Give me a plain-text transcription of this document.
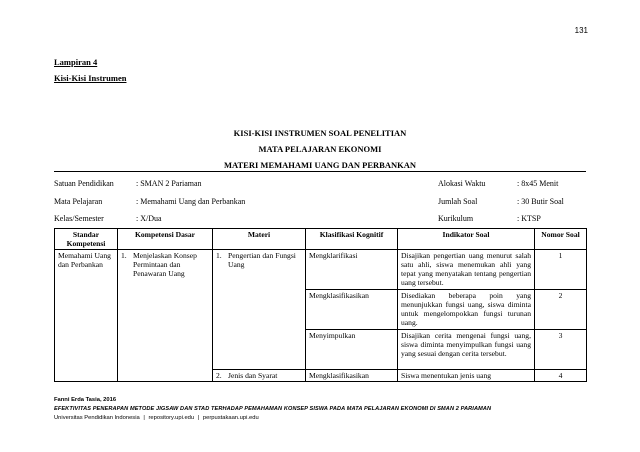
131
Lampiran 4
Kisi-Kisi Instrumen
KISI-KISI INSTRUMEN SOAL PENELITIAN
MATA PELAJARAN EKONOMI
MATERI MEMAHAMI UANG DAN PERBANKAN
Satuan Pendidikan	: SMAN 2 Pariaman
Mata Pelajaran	: Memahami Uang dan Perbankan
Kelas/Semester	: X/Dua
Alokasi Waktu	: 8x45 Menit
Jumlah Soal	: 30 Butir Soal
Kurikulum	: KTSP
Standar Kompetensi	Kompetensi Dasar	Materi	Klasifikasi Kognitif	Indikator Soal	Nomor Soal
Memahami Uang dan Perbankan	1. Menjelaskan Konsep Permintaan dan Penawaran Uang	1. Pengertian dan Fungsi Uang	Mengklarifikasi	Disajikan pengertian uang menurut salah satu ahli, siswa menemukan ahli yang tepat yang menyatakan tentang pengertian uang tersebut.	1
			Mengklasifikasikan	Disediakan beberapa poin yang menunjukkan fungsi uang, siswa diminta untuk mengelompokkan fungsi turunan uang.	2
			Menyimpulkan	Disajikan cerita mengenai fungsi uang, siswa diminta menyimpulkan fungsi uang yang sesuai dengan cerita tersebut.	3

		2. Jenis dan Syarat	Mengklasifikasikan	Siswa menentukan jenis uang	4
Fanni Erda Tasia, 2016
EFEKTIVITAS PENERAPAN METODE JIGSAW DAN STAD TERHADAP PEMAHAMAN KONSEP SISWA PADA MATA PELAJARAN EKONOMI DI SMAN 2 PARIAMAN
Universitas Pendidikan Indonesia | repository.upi.edu | perpustakaan.upi.edu
